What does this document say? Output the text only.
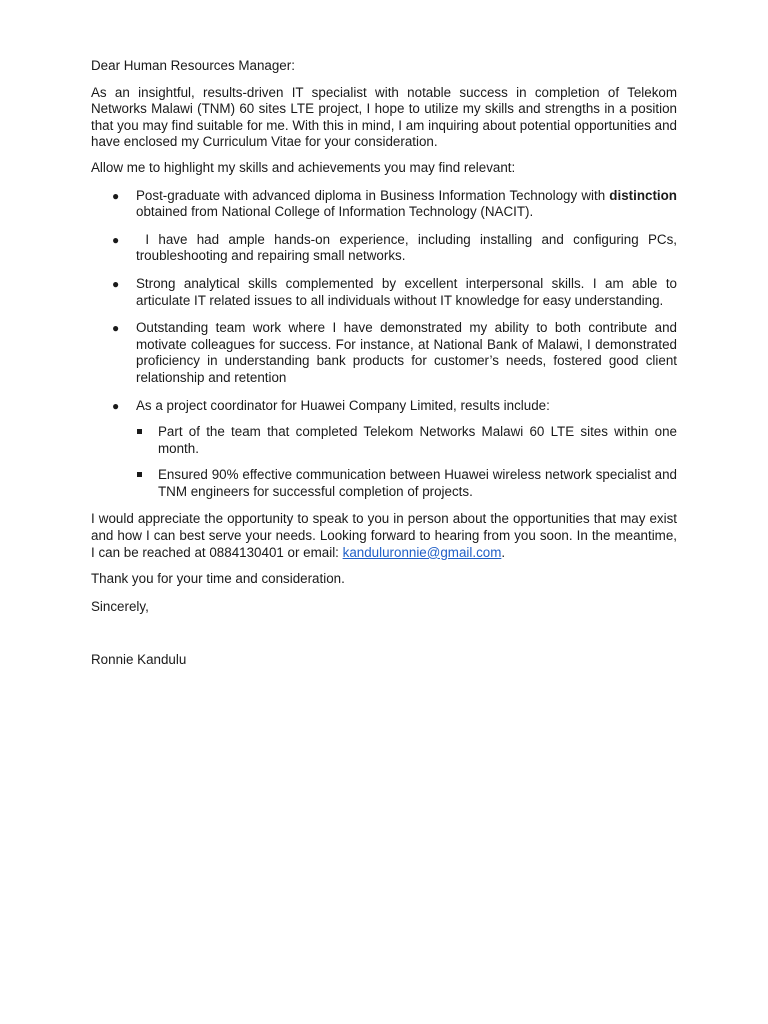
Dear Human Resources Manager:

As an insightful, results-driven IT specialist with notable success in completion of Telekom Networks Malawi (TNM) 60 sites LTE project, I hope to utilize my skills and strengths in a position that you may find suitable for me. With this in mind, I am inquiring about potential opportunities and have enclosed my Curriculum Vitae for your consideration.

Allow me to highlight my skills and achievements you may find relevant:

● Post-graduate with advanced diploma in Business Information Technology with distinction obtained from National College of Information Technology (NACIT).
● I have had ample hands-on experience, including installing and configuring PCs, troubleshooting and repairing small networks.
● Strong analytical skills complemented by excellent interpersonal skills. I am able to articulate IT related issues to all individuals without IT knowledge for easy understanding.
● Outstanding team work where I have demonstrated my ability to both contribute and motivate colleagues for success. For instance, at National Bank of Malawi, I demonstrated proficiency in understanding bank products for customer’s needs, fostered good client relationship and retention
● As a project coordinator for Huawei Company Limited, results include:
Part of the team that completed Telekom Networks Malawi 60 LTE sites within one month.
Ensured 90% effective communication between Huawei wireless network specialist and TNM engineers for successful completion of projects.

I would appreciate the opportunity to speak to you in person about the opportunities that may exist and how I can best serve your needs. Looking forward to hearing from you soon. In the meantime, I can be reached at 0884130401 or email: kanduluronnie@gmail.com.

Thank you for your time and consideration.

Sincerely,

Ronnie Kandulu
